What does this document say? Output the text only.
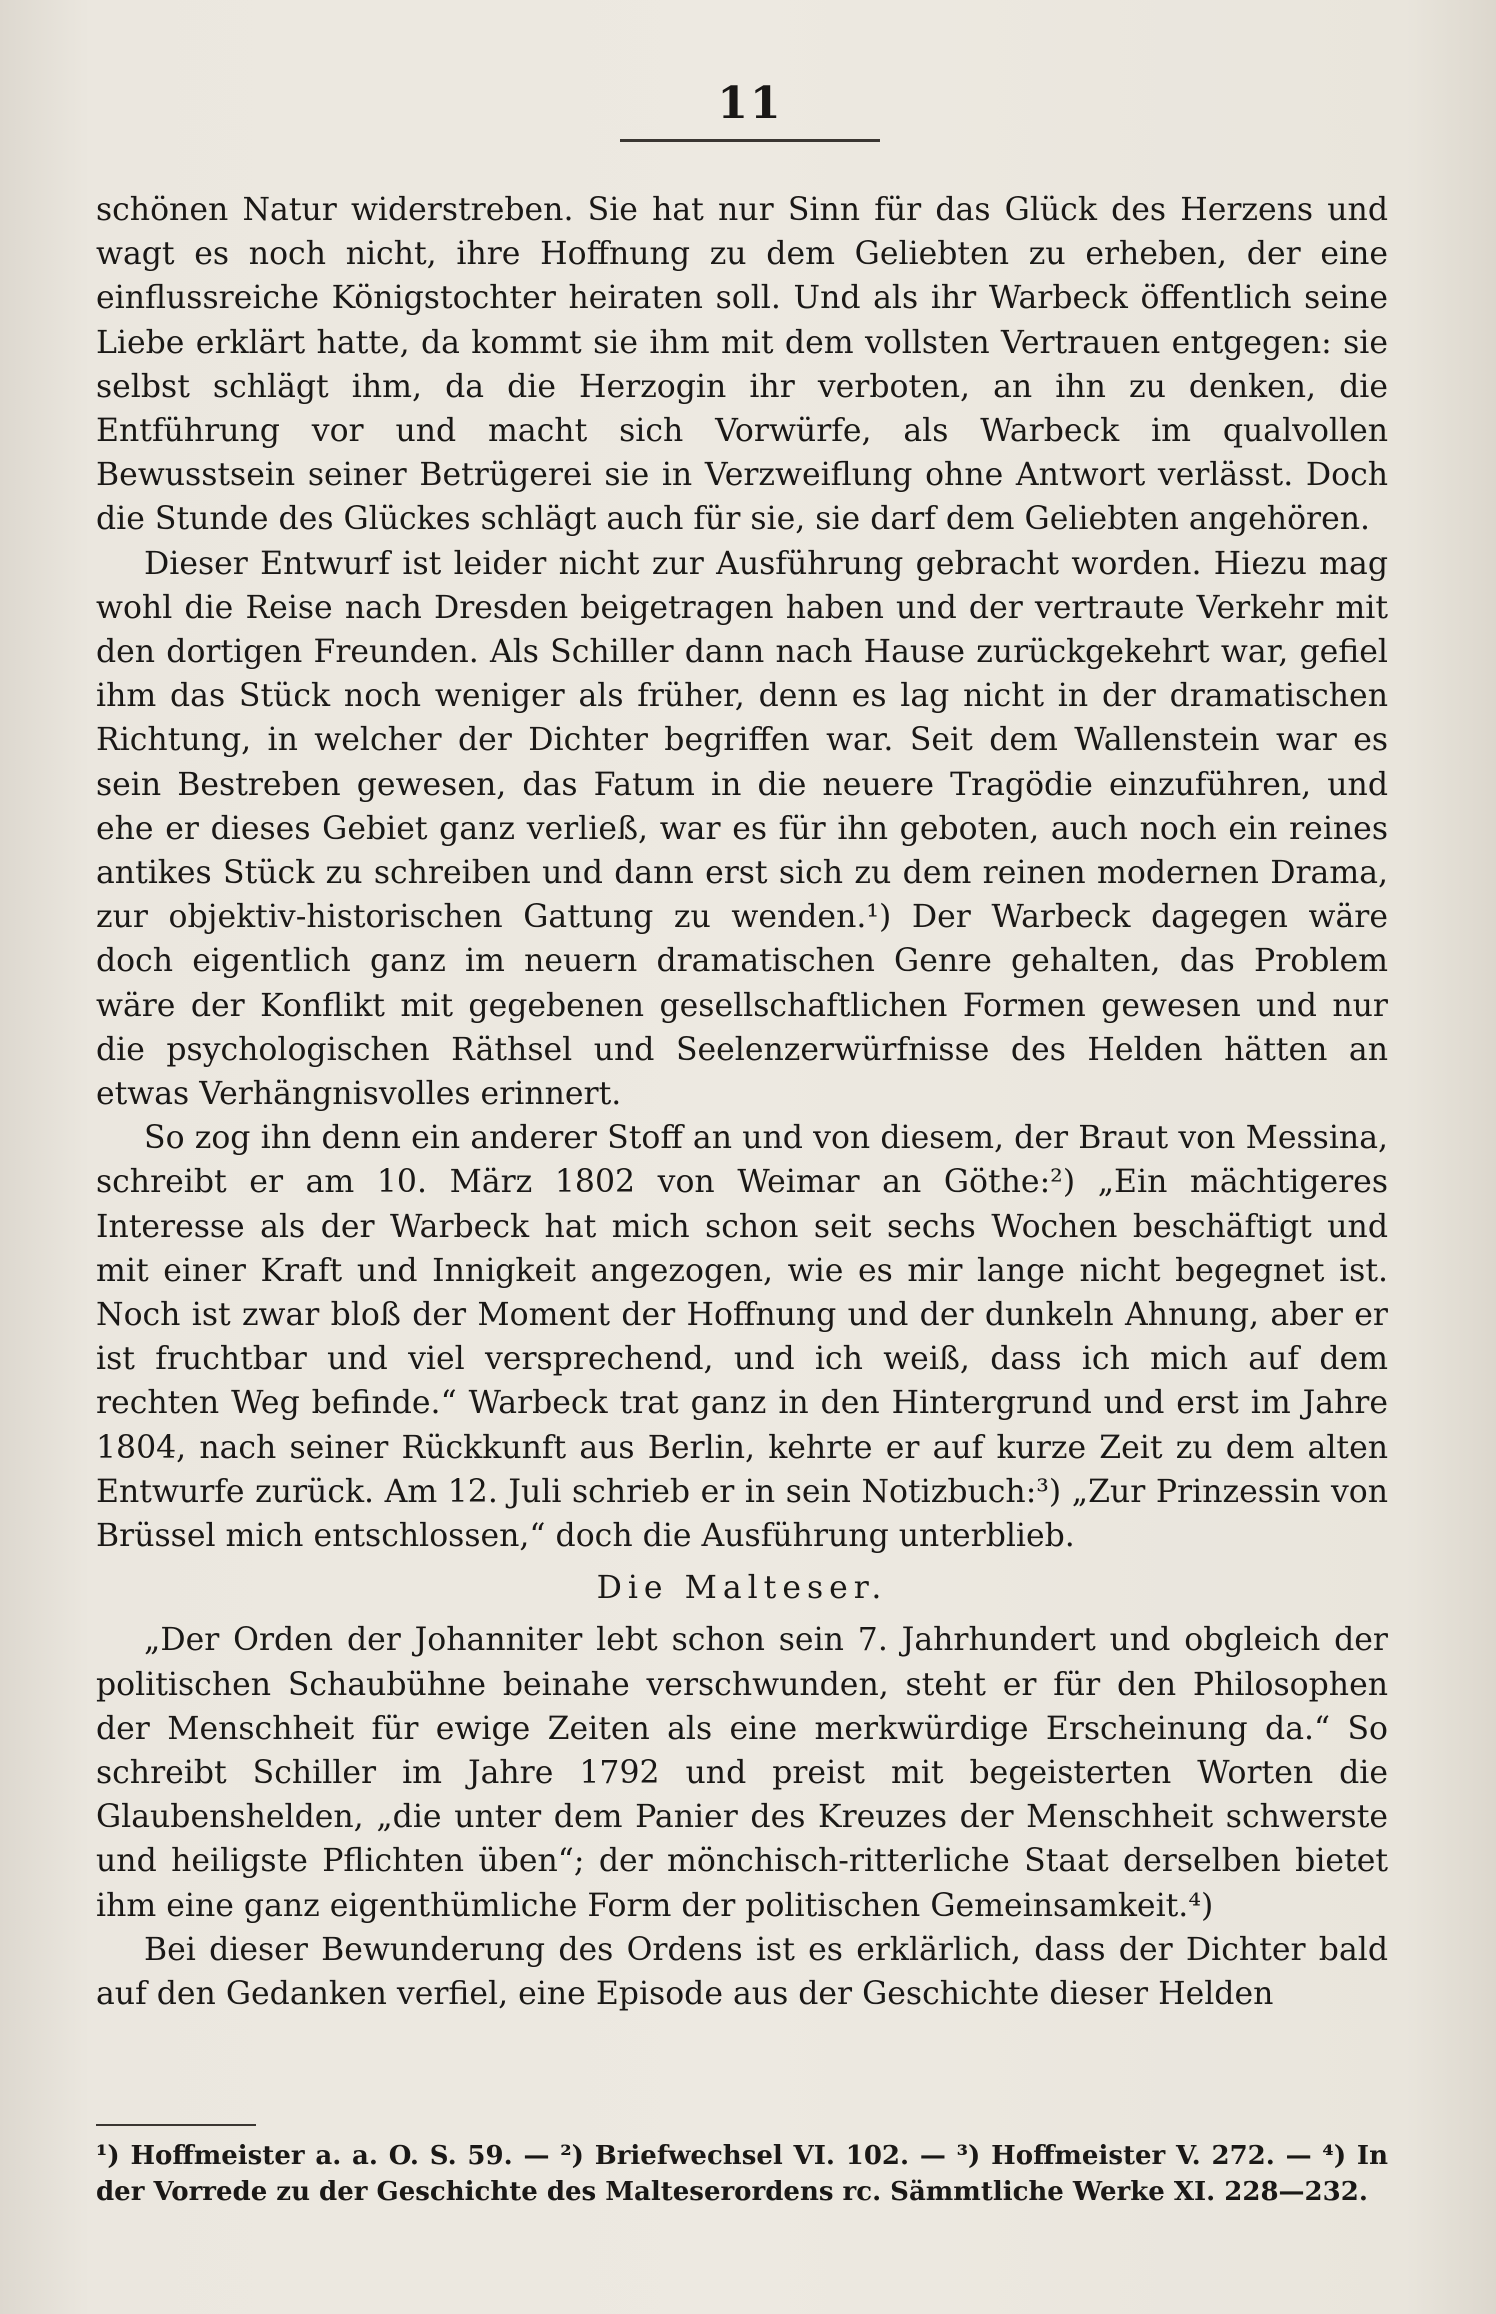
11

schönen Natur widerstreben. Sie hat nur Sinn für das Glück des Herzens und wagt es noch nicht, ihre Hoffnung zu dem Geliebten zu erheben, der eine einflussreiche Königstochter heiraten soll. Und als ihr Warbeck öffentlich seine Liebe erklärt hatte, da kommt sie ihm mit dem vollsten Vertrauen entgegen: sie selbst schlägt ihm, da die Herzogin ihr verboten, an ihn zu denken, die Entführung vor und macht sich Vorwürfe, als Warbeck im qualvollen Bewusstsein seiner Betrügerei sie in Verzweiflung ohne Antwort verlässt. Doch die Stunde des Glückes schlägt auch für sie, sie darf dem Geliebten angehören.

Dieser Entwurf ist leider nicht zur Ausführung gebracht worden. Hiezu mag wohl die Reise nach Dresden beigetragen haben und der vertraute Verkehr mit den dortigen Freunden. Als Schiller dann nach Hause zurückgekehrt war, gefiel ihm das Stück noch weniger als früher, denn es lag nicht in der dramatischen Richtung, in welcher der Dichter begriffen war. Seit dem Wallenstein war es sein Bestreben gewesen, das Fatum in die neuere Tragödie einzuführen, und ehe er dieses Gebiet ganz verließ, war es für ihn geboten, auch noch ein reines antikes Stück zu schreiben und dann erst sich zu dem reinen modernen Drama, zur objektiv-historischen Gattung zu wenden.¹) Der Warbeck dagegen wäre doch eigentlich ganz im neuern dramatischen Genre gehalten, das Problem wäre der Konflikt mit gegebenen gesellschaftlichen Formen gewesen und nur die psychologischen Räthsel und Seelenzerwürfnisse des Helden hätten an etwas Verhängnisvolles erinnert.

So zog ihn denn ein anderer Stoff an und von diesem, der Braut von Messina, schreibt er am 10. März 1802 von Weimar an Göthe:²) „Ein mächtigeres Interesse als der Warbeck hat mich schon seit sechs Wochen beschäftigt und mit einer Kraft und Innigkeit angezogen, wie es mir lange nicht begegnet ist. Noch ist zwar bloß der Moment der Hoffnung und der dunkeln Ahnung, aber er ist fruchtbar und viel versprechend, und ich weiß, dass ich mich auf dem rechten Weg befinde.“ Warbeck trat ganz in den Hintergrund und erst im Jahre 1804, nach seiner Rückkunft aus Berlin, kehrte er auf kurze Zeit zu dem alten Entwurfe zurück. Am 12. Juli schrieb er in sein Notizbuch:³) „Zur Prinzessin von Brüssel mich entschlossen,“ doch die Ausführung unterblieb.

Die Malteser.

„Der Orden der Johanniter lebt schon sein 7. Jahrhundert und obgleich der politischen Schaubühne beinahe verschwunden, steht er für den Philosophen der Menschheit für ewige Zeiten als eine merkwürdige Erscheinung da.“ So schreibt Schiller im Jahre 1792 und preist mit begeisterten Worten die Glaubenshelden, „die unter dem Panier des Kreuzes der Menschheit schwerste und heiligste Pflichten üben“; der mönchisch-ritterliche Staat derselben bietet ihm eine ganz eigenthümliche Form der politischen Gemeinsamkeit.⁴)

Bei dieser Bewunderung des Ordens ist es erklärlich, dass der Dichter bald auf den Gedanken verfiel, eine Episode aus der Geschichte dieser Helden

¹) Hoffmeister a. a. O. S. 59. — ²) Briefwechsel VI. 102. — ³) Hoffmeister V. 272. — ⁴) In der Vorrede zu der Geschichte des Malteserordens rc. Sämmtliche Werke XI. 228—232.
